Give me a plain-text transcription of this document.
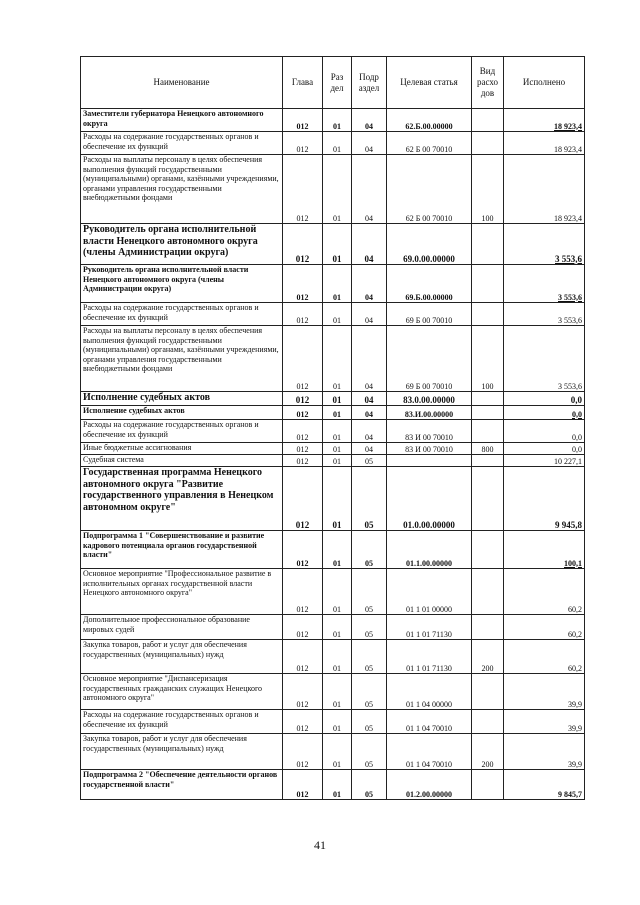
Наименование	Глава	Раз дел	Подр аздел	Целевая статья	Вид расхо дов	Исполнено
Заместители губернатора Ненецкого автономного округа	012	01	04	62.Б.00.00000		18 923,4
Расходы на содержание государственных органов и обеспечение их функций	012	01	04	62 Б 00 70010		18 923,4
Расходы на выплаты персоналу в целях обеспечения выполнения функций государственными (муниципальными) органами, казёнными учреждениями, органами управления государственными внебюджетными фондами	012	01	04	62 Б 00 70010	100	18 923,4
Руководитель органа исполнительной власти Ненецкого автономного округа (члены Администрации округа)	012	01	04	69.0.00.00000		3 553,6
Руководитель органа исполнительной власти Ненецкого автономного округа (члены Администрации округа)	012	01	04	69.Б.00.00000		3 553,6
Расходы на содержание государственных органов и обеспечение их функций	012	01	04	69 Б 00 70010		3 553,6
Расходы на выплаты персоналу в целях обеспечения выполнения функций государственными (муниципальными) органами, казёнными учреждениями, органами управления государственными внебюджетными фондами	012	01	04	69 Б 00 70010	100	3 553,6
Исполнение судебных актов	012	01	04	83.0.00.00000		0,0
Исполнение судебных актов	012	01	04	83.И.00.00000		0,0
Расходы на содержание государственных органов и обеспечение их функций	012	01	04	83 И 00 70010		0,0
Иные бюджетные ассигнования	012	01	04	83 И 00 70010	800	0,0
Судебная система	012	01	05			10 227,1
Государственная программа Ненецкого автономного округа "Развитие государственного управления в Ненецком автономном округе"	012	01	05	01.0.00.00000		9 945,8
Подпрограмма 1 "Совершенствование и развитие кадрового потенциала органов государственной власти"	012	01	05	01.1.00.00000		100,1
Основное мероприятие "Профессиональное развитие в исполнительных органах государственной власти Ненецкого автономного округа"	012	01	05	01 1 01 00000		60,2
Дополнительное профессиональное образование мировых судей	012	01	05	01 1 01 71130		60,2
Закупка товаров, работ и услуг для обеспечения государственных (муниципальных) нужд	012	01	05	01 1 01 71130	200	60,2
Основное мероприятие "Диспансеризация государственных гражданских служащих Ненецкого автономного округа"	012	01	05	01 1 04 00000		39,9
Расходы на содержание государственных органов и обеспечение их функций	012	01	05	01 1 04 70010		39,9
Закупка товаров, работ и услуг для обеспечения государственных (муниципальных) нужд	012	01	05	01 1 04 70010	200	39,9
Подпрограмма 2 "Обеспечение деятельности органов государственной власти"	012	01	05	01.2.00.00000		9 845,7
41
